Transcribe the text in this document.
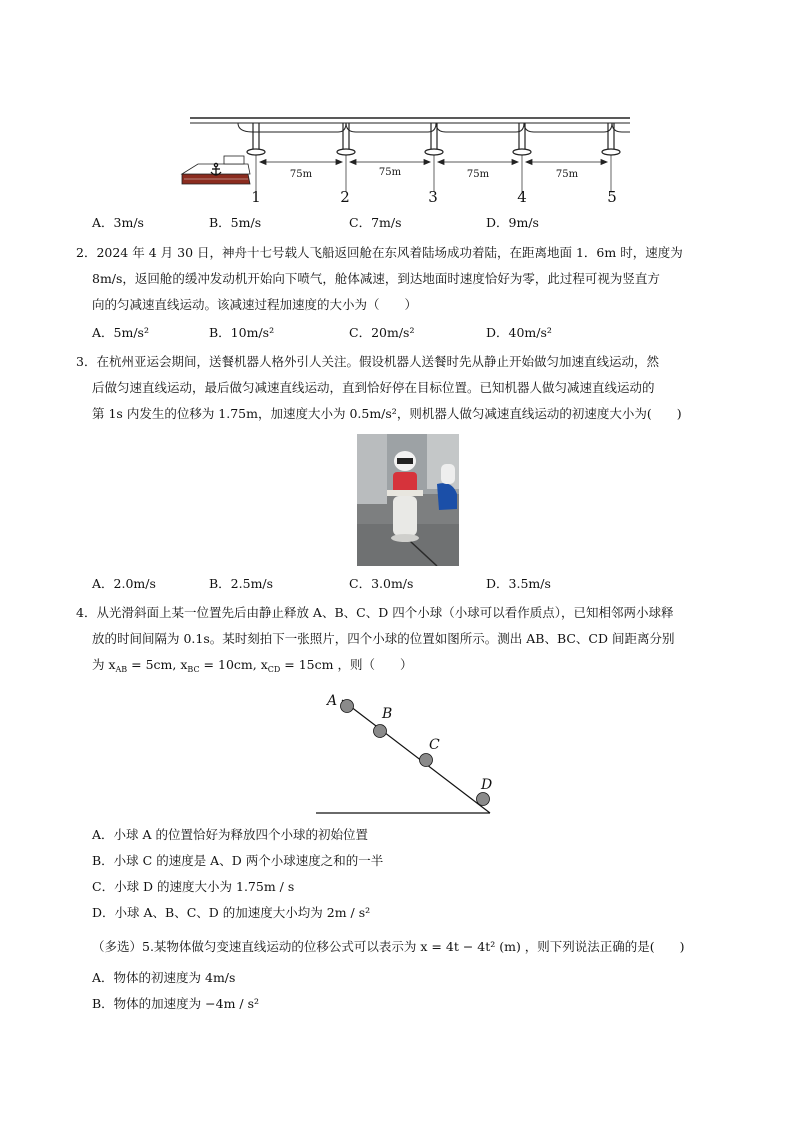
75m	75m	75m	75m
1	2	3	4	5
A．3m/s	B．5m/s	C．7m/s	D．9m/s
2．2024 年 4 月 30 日，神舟十七号载人飞船返回舱在东风着陆场成功着陆，在距离地面 1．6m 时，速度为
8m/s，返回舱的缓冲发动机开始向下喷气，舱体减速，到达地面时速度恰好为零，此过程可视为竖直方
向的匀减速直线运动。该减速过程加速度的大小为（　　）
A．5m/s²	B．10m/s²	C．20m/s²	D．40m/s²
3．在杭州亚运会期间，送餐机器人格外引人关注。假设机器人送餐时先从静止开始做匀加速直线运动，然
后做匀速直线运动，最后做匀减速直线运动，直到恰好停在目标位置。已知机器人做匀减速直线运动的
第 1s 内发生的位移为 1.75m，加速度大小为 0.5m/s²，则机器人做匀减速直线运动的初速度大小为(　　)
A．2.0m/s	B．2.5m/s	C．3.0m/s	D．3.5m/s
4．从光滑斜面上某一位置先后由静止释放 A、B、C、D 四个小球（小球可以看作质点），已知相邻两小球释
放的时间间隔为 0.1s。某时刻拍下一张照片，四个小球的位置如图所示。测出 AB、BC、CD 间距离分别
为 $x_{AB} = 5cm$, $x_{BC} = 10cm$, $x_{CD} = 15cm$ ，则（　　）
A
B
C
D
A．小球 A 的位置恰好为释放四个小球的初始位置
B．小球 C 的速度是 A、D 两个小球速度之和的一半
C．小球 D 的速度大小为 1.75m / s
D．小球 A、B、C、D 的加速度大小均为 2m / s²
（多选）5.某物体做匀变速直线运动的位移公式可以表示为 x = 4t − 4t² (m) ，则下列说法正确的是(　　)
A．物体的初速度为 4m/s
B．物体的加速度为 −4m / s²
